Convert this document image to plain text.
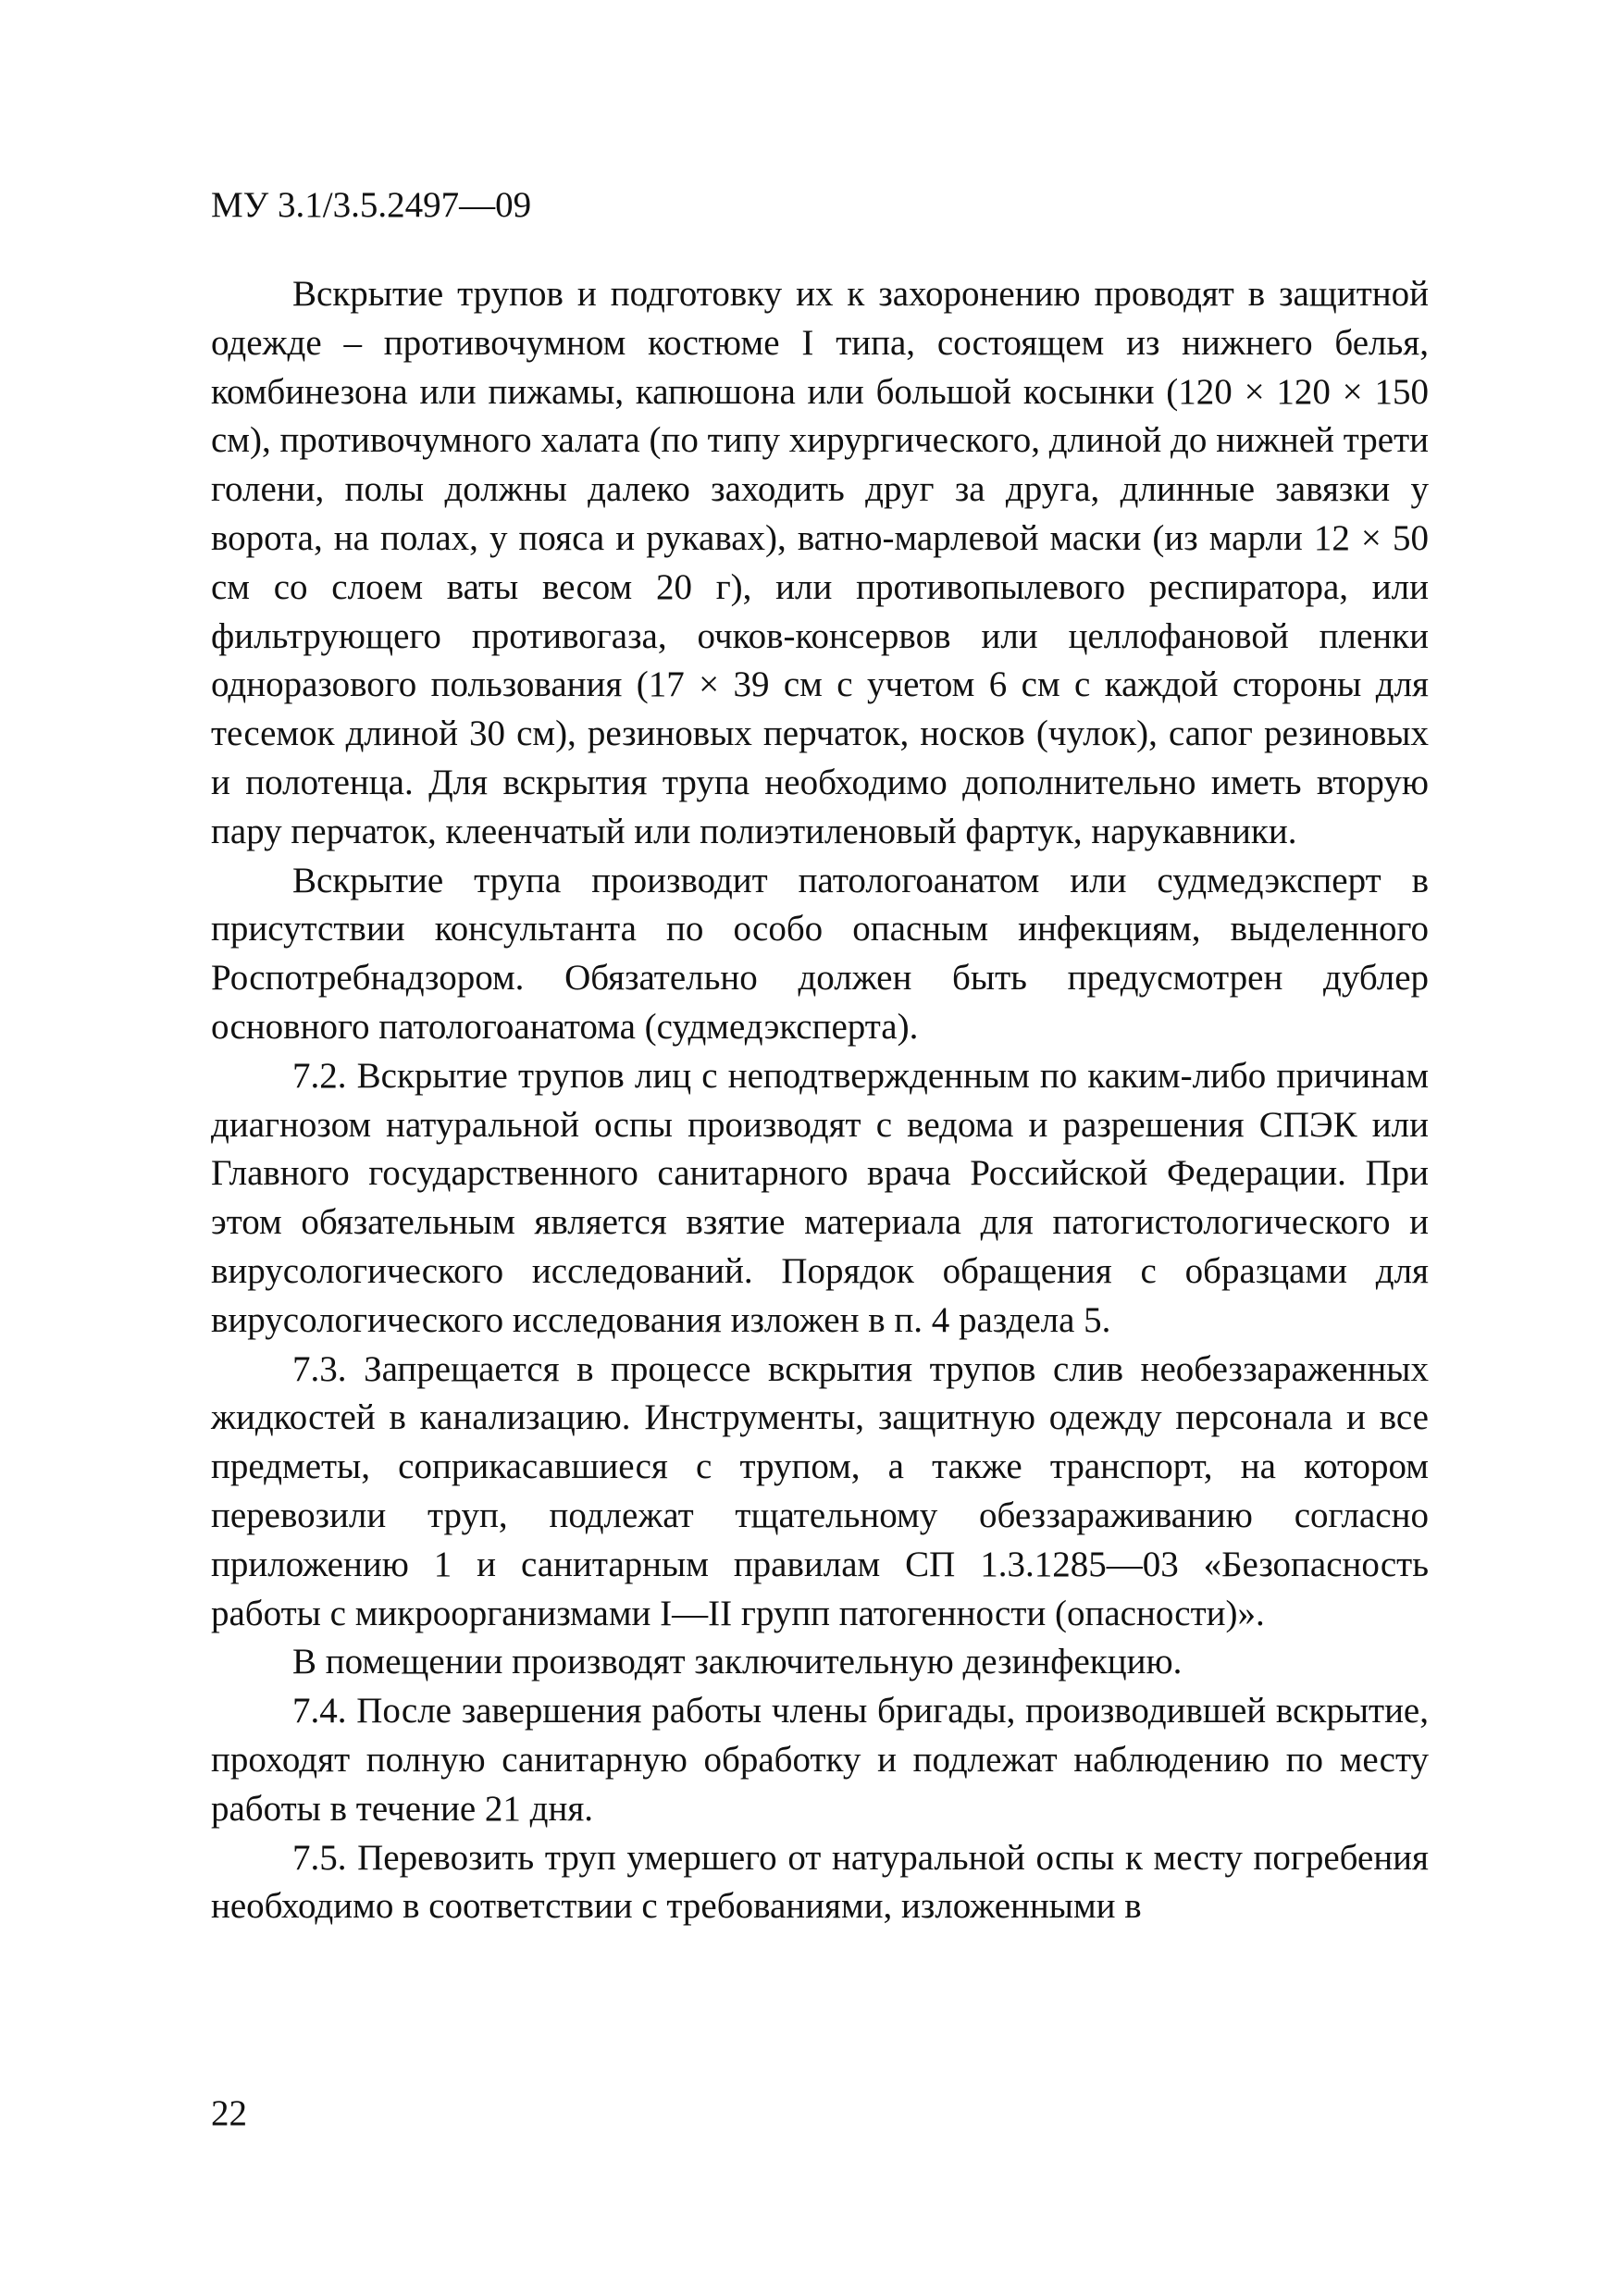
МУ 3.1/3.5.2497—09

Вскрытие трупов и подготовку их к захоронению проводят в защитной одежде – противочумном костюме I типа, состоящем из нижнего белья, комбинезона или пижамы, капюшона или большой косынки (120 × 120 × 150 см), противочумного халата (по типу хирургического, длиной до нижней трети голени, полы должны далеко заходить друг за друга, длинные завязки у ворота, на полах, у пояса и рукавах), ватно-марлевой маски (из марли 12 × 50 см со слоем ваты весом 20 г), или противопылевого респиратора, или фильтрующего противогаза, очков-консервов или целлофановой пленки одноразового пользования (17 × 39 см с учетом 6 см с каждой стороны для тесемок длиной 30 см), резиновых перчаток, носков (чулок), сапог резиновых и полотенца. Для вскрытия трупа необходимо дополнительно иметь вторую пару перчаток, клеенчатый или полиэтиленовый фартук, нарукавники.

Вскрытие трупа производит патологоанатом или судмедэксперт в присутствии консультанта по особо опасным инфекциям, выделенного Роспотребнадзором. Обязательно должен быть предусмотрен дублер основного патологоанатома (судмедэксперта).

7.2. Вскрытие трупов лиц с неподтвержденным по каким-либо причинам диагнозом натуральной оспы производят с ведома и разрешения СПЭК или Главного государственного санитарного врача Российской Федерации. При этом обязательным является взятие материала для патогистологического и вирусологического исследований. Порядок обращения с образцами для вирусологического исследования изложен в п. 4 раздела 5.

7.3. Запрещается в процессе вскрытия трупов слив необеззараженных жидкостей в канализацию. Инструменты, защитную одежду персонала и все предметы, соприкасавшиеся с трупом, а также транспорт, на котором перевозили труп, подлежат тщательному обеззараживанию согласно приложению 1 и санитарным правилам СП 1.3.1285—03 «Безопасность работы с микроорганизмами I—II групп патогенности (опасности)».

В помещении производят заключительную дезинфекцию.

7.4. После завершения работы члены бригады, производившей вскрытие, проходят полную санитарную обработку и подлежат наблюдению по месту работы в течение 21 дня.

7.5. Перевозить труп умершего от натуральной оспы к месту погребения необходимо в соответствии с требованиями, изложенными в

22
